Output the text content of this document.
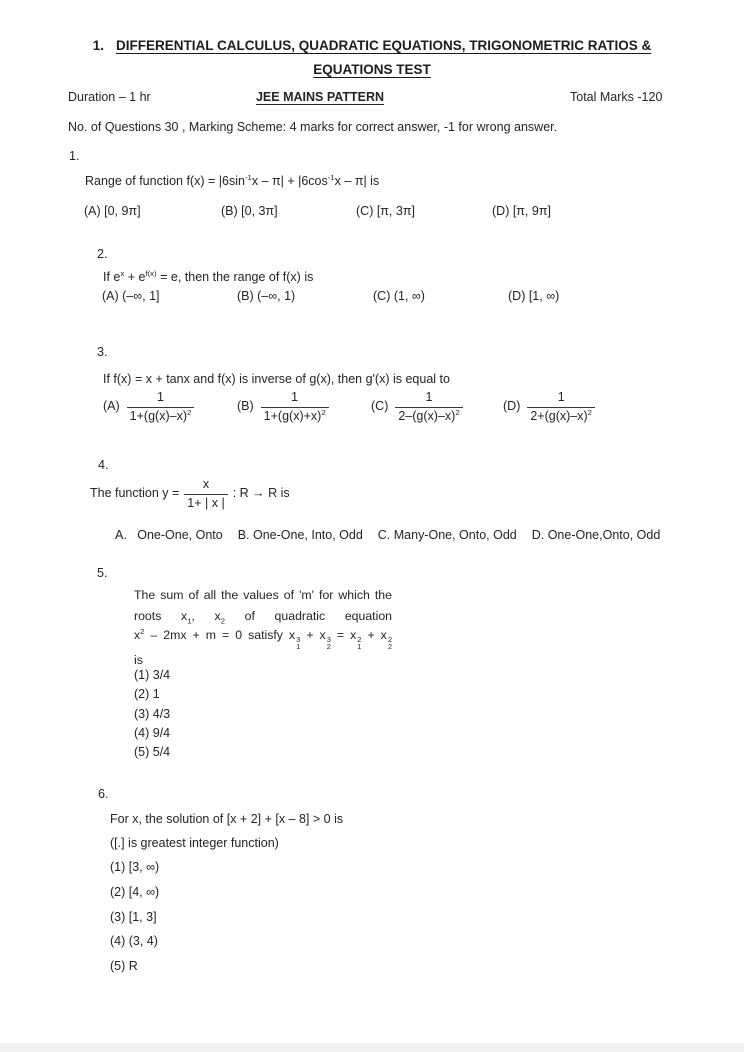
1. DIFFERENTIAL CALCULUS, QUADRATIC EQUATIONS, TRIGONOMETRIC RATIOS &
EQUATIONS TEST
Duration – 1 hr	JEE MAINS PATTERN	Total Marks -120
No. of Questions 30 , Marking Scheme: 4 marks for correct answer, -1 for wrong answer.
1.
Range of function $f(x) = |6\sin^{-1}x - \pi| + |6\cos^{-1}x - \pi|$ is
(A) [0, 9π]	(B) [0, 3π]	(C) [π, 3π]	(D) [π, 9π]
2.
If $e^x + e^{f(x)} = e$, then the range of f(x) is
(A) (–∞, 1]	(B) (–∞, 1)	(C) (1, ∞)	(D) [1, ∞)
3.
If f(x) = x + tanx and f(x) is inverse of g(x), then g'(x) is equal to
$(A) \frac{1}{1+(g(x)-x)^2}$	$(B) \frac{1}{1+(g(x)+x)^2}$	$(C) \frac{1}{2-(g(x)-x)^2}$	$(D) \frac{1}{2+(g(x)-x)^2}$
4.
The function $y = \frac{x}{1+ | x |}$ : R → R is
A.   One-One, Onto B. One-One, Into, Odd C. Many-One, Onto, Odd D. One-One,Onto, Odd
5.
The sum of all the values of 'm' for which the
roots $x_1$, $x_2$ of quadratic equation
$x^2 - 2mx + m = 0$ satisfy x 3
1
+ x 3
2
= x 2
1
+ x 2
2
is
(1) 3/4
(2) 1
(3) 4/3
(4) 9/4
(5) 5/4
6.
For x, the solution of [x + 2] + [x – 8] > 0 is
([.] is greatest integer function)
(1) [3, ∞)
(2) [4, ∞)
(3) [1, 3]
(4) (3, 4)
(5) R
